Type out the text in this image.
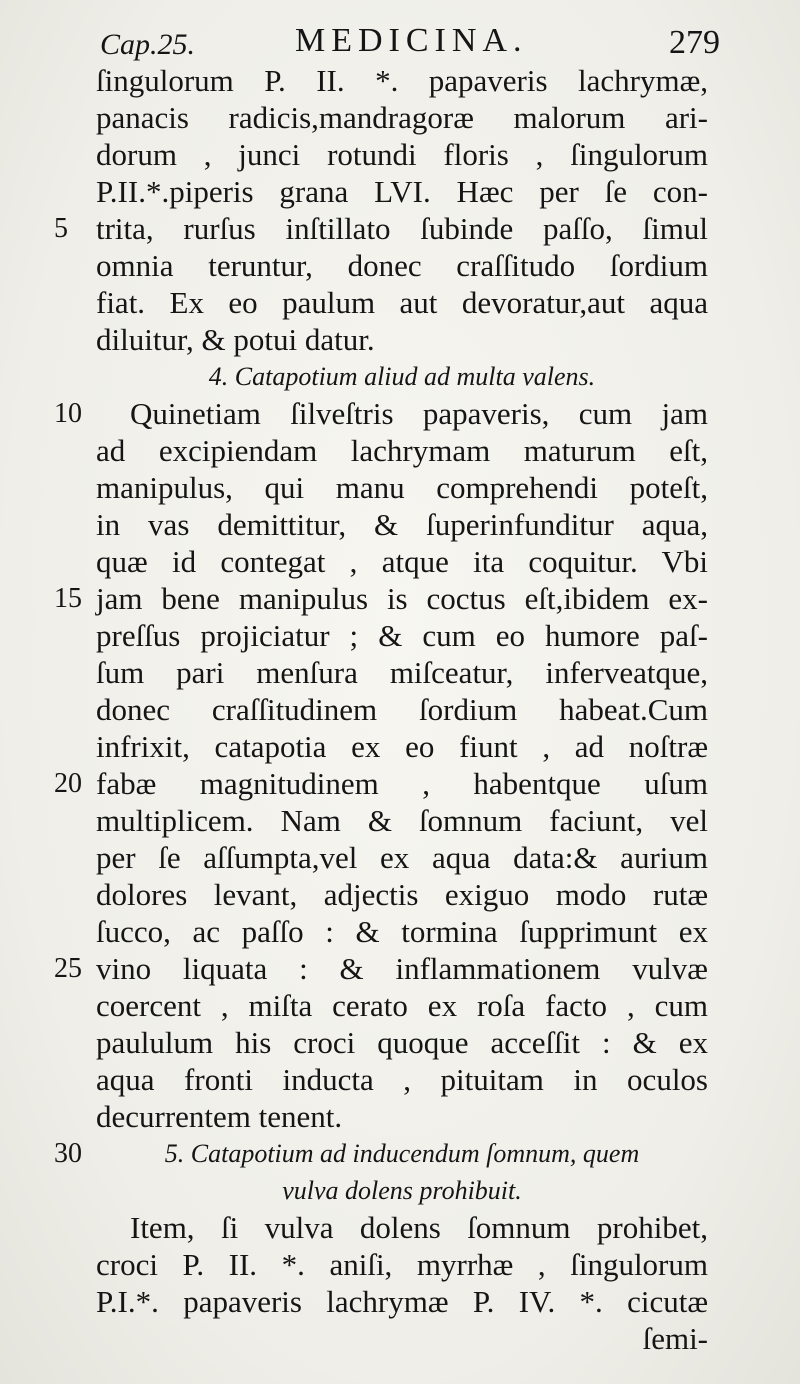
Cap.25.	MEDICINA.	279
ſingulorum P. II. *. papaveris lachrymæ,
panacis radicis,mandragoræ malorum ari-
dorum , junci rotundi floris , ſingulorum
P.II.*.piperis grana LVI. Hæc per ſe con-
trita, rurſus inſtillato ſubinde paſſo, ſimul
5
omnia teruntur, donec craſſitudo ſordium
fiat. Ex eo paulum aut devoratur,aut aqua
diluitur, & potui datur.
4. Catapotium aliud ad multa valens.
Quinetiam ſilveſtris papaveris, cum jam
10
ad excipiendam lachrymam maturum eſt,
manipulus, qui manu comprehendi poteſt,
in vas demittitur, & ſuperinfunditur aqua,
quæ id contegat , atque ita coquitur. Vbi
jam bene manipulus is coctus eſt,ibidem ex-
15
preſſus projiciatur ; & cum eo humore paſ-
ſum pari menſura miſceatur, inferveatque,
donec craſſitudinem ſordium habeat.Cum
infrixit, catapotia ex eo fiunt , ad noſtræ
fabæ magnitudinem , habentque uſum
20
multiplicem. Nam & ſomnum faciunt, vel
per ſe aſſumpta,vel ex aqua data:& aurium
dolores levant, adjectis exiguo modo rutæ
ſucco, ac paſſo : & tormina ſupprimunt ex
vino liquata : & inflammationem vulvæ
25
coercent , miſta cerato ex roſa facto , cum
paululum his croci quoque acceſſit : & ex
aqua fronti inducta , pituitam in oculos
decurrentem tenent.
5. Catapotium ad inducendum ſomnum, quem
30
vulva dolens prohibuit.
Item, ſi vulva dolens ſomnum prohibet,
croci P. II. *. aniſi, myrrhæ , ſingulorum
P.I.*. papaveris lachrymæ P. IV. *. cicutæ
ſemi-
